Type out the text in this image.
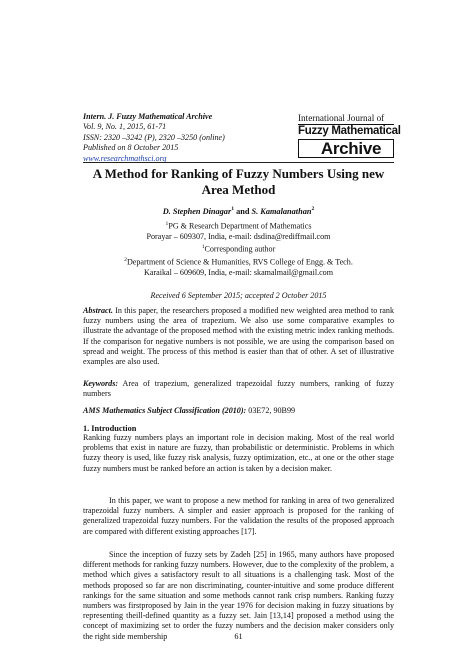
Intern. J. Fuzzy Mathematical Archive
Vol. 9, No. 1, 2015, 61-71
ISSN: 2320 –3242 (P), 2320 –3250 (online)
Published on 8 October 2015
www.researchmathsci.org
International Journal of
Fuzzy Mathematical
Archive
A Method for Ranking of Fuzzy Numbers Using new Area Method
D. Stephen Dinagar$^1$ and S. Kamalanathan$^2$
$^1$PG & Research Department of Mathematics
Porayar – 609307, India, e-mail: dsdina@rediffmail.com
$^1$Corresponding author
$^2$Department of Science & Humanities, RVS College of Engg. & Tech.
Karaikal – 609609, India, e-mail: skamalmail@gmail.com
Received 6 September 2015; accepted 2 October 2015
Abstract. In this paper, the researchers proposed a modified new weighted area method to rank fuzzy numbers using the area of trapezium. We also use some comparative examples to illustrate the advantage of the proposed method with the existing metric index ranking methods. If the comparison for negative numbers is not possible, we are using the comparison based on spread and weight. The process of this method is easier than that of other. A set of illustrative examples are also used.
Keywords: Area of trapezium, generalized trapezoidal fuzzy numbers, ranking of fuzzy numbers
AMS Mathematics Subject Classification (2010): 03E72, 90B99
1. Introduction
Ranking fuzzy numbers plays an important role in decision making. Most of the real world problems that exist in nature are fuzzy, than probabilistic or deterministic. Problems in which fuzzy theory is used, like fuzzy risk analysis, fuzzy optimization, etc., at one or the other stage fuzzy numbers must be ranked before an action is taken by a decision maker.
In this paper, we want to propose a new method for ranking in area of two generalized trapezoidal fuzzy numbers. A simpler and easier approach is proposed for the ranking of generalized trapezoidal fuzzy numbers. For the validation the results of the proposed approach are compared with different existing approaches [17].
Since the inception of fuzzy sets by Zadeh [25] in 1965, many authors have proposed different methods for ranking fuzzy numbers. However, due to the complexity of the problem, a method which gives a satisfactory result to all situations is a challenging task. Most of the methods proposed so far are non discriminating, counter-intuitive and some produce different rankings for the same situation and some methods cannot rank crisp numbers. Ranking fuzzy numbers was firstproposed by Jain in the year 1976 for decision making in fuzzy situations by representing theill-defined quantity as a fuzzy set. Jain [13,14] proposed a method using the concept of maximizing set to order the fuzzy numbers and the decision maker considers only the right side membership	61
